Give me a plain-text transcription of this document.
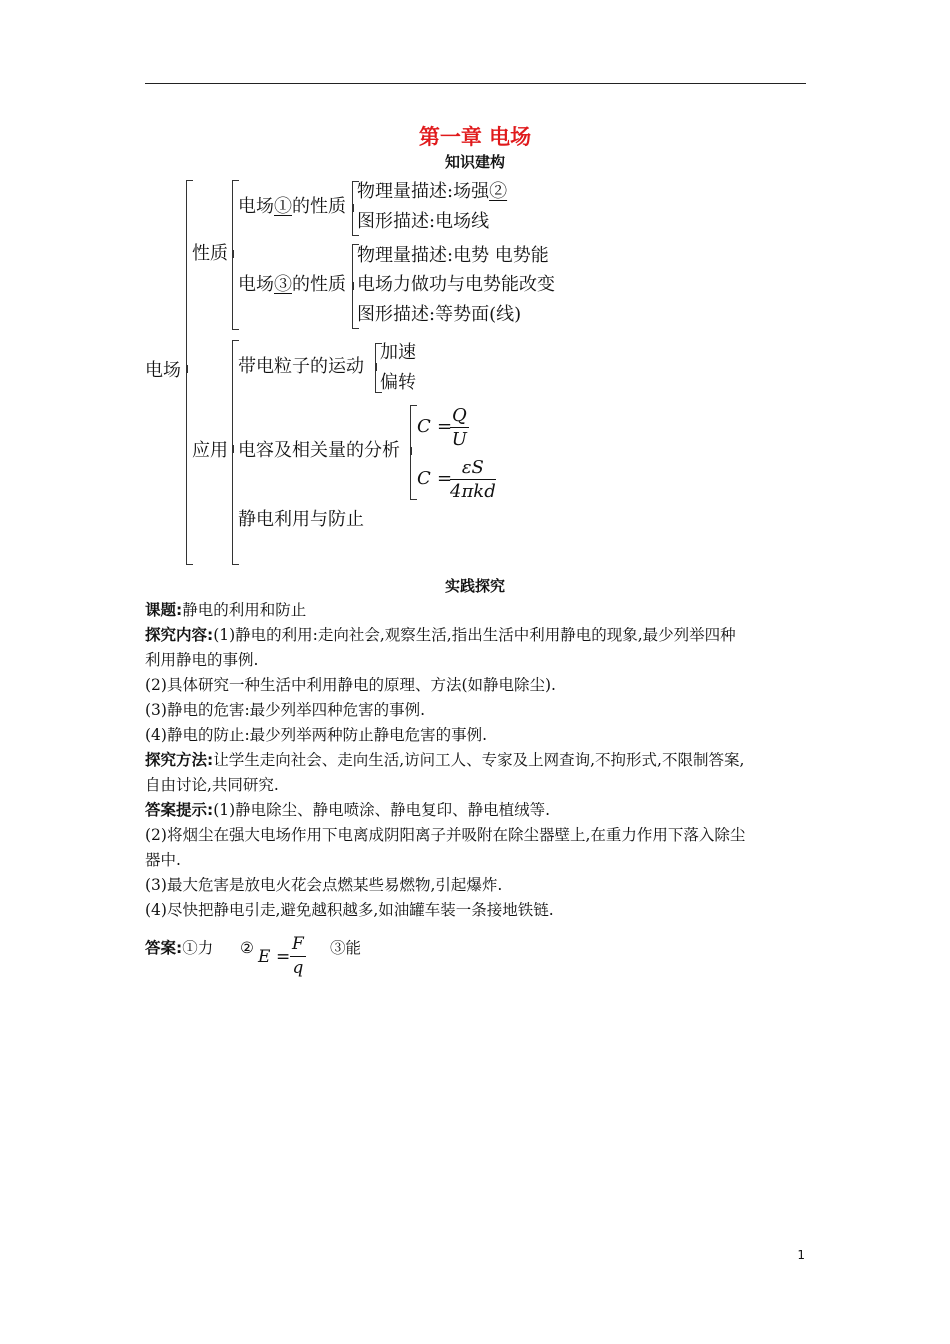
第一章 电场
知识建构
电场
性质
应用
电场①的性质
物理量描述:场强②
图形描述:电场线
电场③的性质
物理量描述:电势 电势能
电场力做功与电势能改变
图形描述:等势面(线)
带电粒子的运动
加速
偏转
电容及相关量的分析
C =
$\frac{Q}{U}$
C =
εS
4πkd
静电利用与防止
实践探究
课题:静电的利用和防止
探究内容:(1)静电的利用:走向社会,观察生活,指出生活中利用静电的现象,最少列举四种
利用静电的事例.
(2)具体研究一种生活中利用静电的原理、方法(如静电除尘).
(3)静电的危害:最少列举四种危害的事例.
(4)静电的防止:最少列举两种防止静电危害的事例.
探究方法:让学生走向社会、走向生活,访问工人、专家及上网查询,不拘形式,不限制答案,
自由讨论,共同研究.
答案提示:(1)静电除尘、静电喷涂、静电复印、静电植绒等.
(2)将烟尘在强大电场作用下电离成阴阳离子并吸附在除尘器壁上,在重力作用下落入除尘
器中.
(3)最大危害是放电火花会点燃某些易燃物,引起爆炸.
(4)尽快把静电引走,避免越积越多,如油罐车装一条接地铁链.
答案:①力 ② $E = \frac{F}{q}$ ③能
1
